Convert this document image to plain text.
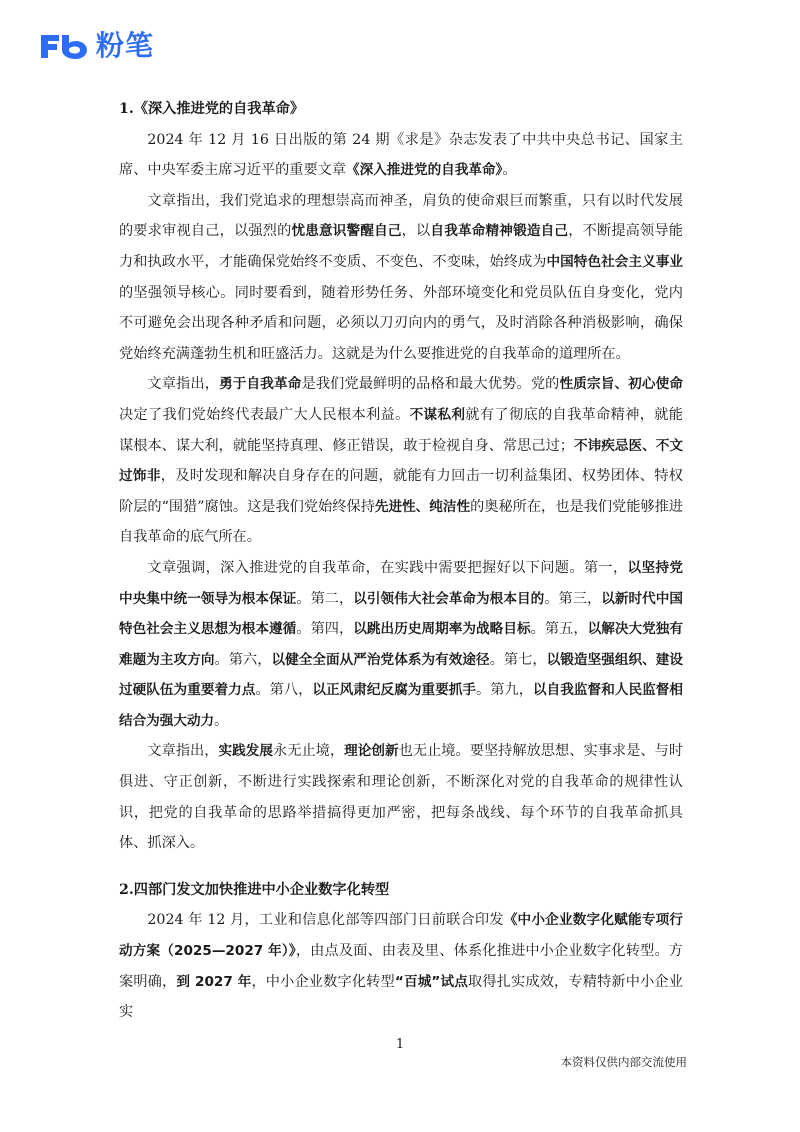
粉笔

1.《深入推进党的自我革命》

2024 年 12 月 16 日出版的第 24 期《求是》杂志发表了中共中央总书记、国家主席、中央军委主席习近平的重要文章《深入推进党的自我革命》。

文章指出，我们党追求的理想崇高而神圣，肩负的使命艰巨而繁重，只有以时代发展的要求审视自己，以强烈的忧患意识警醒自己，以自我革命精神锻造自己，不断提高领导能力和执政水平，才能确保党始终不变质、不变色、不变味，始终成为中国特色社会主义事业的坚强领导核心。同时要看到，随着形势任务、外部环境变化和党员队伍自身变化，党内不可避免会出现各种矛盾和问题，必须以刀刃向内的勇气，及时消除各种消极影响，确保党始终充满蓬勃生机和旺盛活力。这就是为什么要推进党的自我革命的道理所在。

文章指出，勇于自我革命是我们党最鲜明的品格和最大优势。党的性质宗旨、初心使命决定了我们党始终代表最广大人民根本利益。不谋私利就有了彻底的自我革命精神，就能谋根本、谋大利，就能坚持真理、修正错误，敢于检视自身、常思己过；不讳疾忌医、不文过饰非，及时发现和解决自身存在的问题，就能有力回击一切利益集团、权势团体、特权阶层的“围猎”腐蚀。这是我们党始终保持先进性、纯洁性的奥秘所在，也是我们党能够推进自我革命的底气所在。

文章强调，深入推进党的自我革命，在实践中需要把握好以下问题。第一，以坚持党中央集中统一领导为根本保证。第二，以引领伟大社会革命为根本目的。第三，以新时代中国特色社会主义思想为根本遵循。第四，以跳出历史周期率为战略目标。第五，以解决大党独有难题为主攻方向。第六，以健全全面从严治党体系为有效途径。第七，以锻造坚强组织、建设过硬队伍为重要着力点。第八，以正风肃纪反腐为重要抓手。第九，以自我监督和人民监督相结合为强大动力。

文章指出，实践发展永无止境，理论创新也无止境。要坚持解放思想、实事求是、与时俱进、守正创新，不断进行实践探索和理论创新，不断深化对党的自我革命的规律性认识，把党的自我革命的思路举措搞得更加严密，把每条战线、每个环节的自我革命抓具体、抓深入。

2.四部门发文加快推进中小企业数字化转型

2024 年 12 月，工业和信息化部等四部门日前联合印发《中小企业数字化赋能专项行动方案（2025—2027 年）》，由点及面、由表及里、体系化推进中小企业数字化转型。方案明确，到 2027 年，中小企业数字化转型“百城”试点取得扎实成效，专精特新中小企业实

1
本资料仅供内部交流使用
